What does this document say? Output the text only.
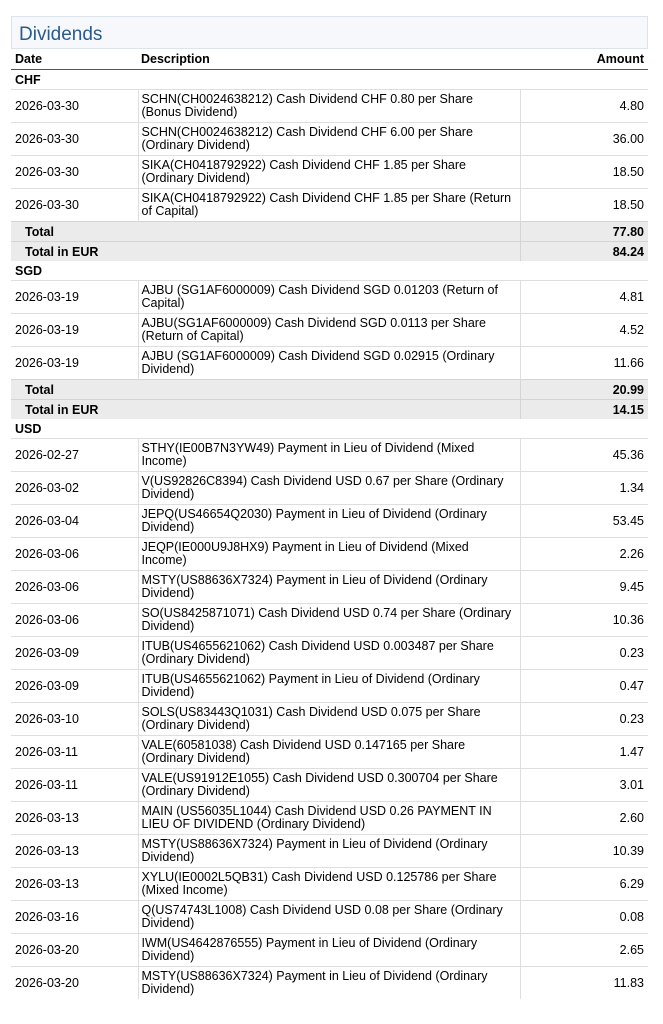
Dividends
Date	Description	Amount
CHF		
2026-03-30	SCHN(CH0024638212) Cash Dividend CHF 0.80 per Share (Bonus Dividend)	4.80
2026-03-30	SCHN(CH0024638212) Cash Dividend CHF 6.00 per Share (Ordinary Dividend)	36.00
2026-03-30	SIKA(CH0418792922) Cash Dividend CHF 1.85 per Share (Ordinary Dividend)	18.50
2026-03-30	SIKA(CH0418792922) Cash Dividend CHF 1.85 per Share (Return of Capital)	18.50
Total		77.80
Total in EUR		84.24
SGD		
2026-03-19	AJBU (SG1AF6000009) Cash Dividend SGD 0.01203 (Return of Capital)	4.81
2026-03-19	AJBU(SG1AF6000009) Cash Dividend SGD 0.0113 per Share (Return of Capital)	4.52
2026-03-19	AJBU (SG1AF6000009) Cash Dividend SGD 0.02915 (Ordinary Dividend)	11.66
Total		20.99
Total in EUR		14.15
USD		
2026-02-27	STHY(IE00B7N3YW49) Payment in Lieu of Dividend (Mixed Income)	45.36
2026-03-02	V(US92826C8394) Cash Dividend USD 0.67 per Share (Ordinary Dividend)	1.34
2026-03-04	JEPQ(US46654Q2030) Payment in Lieu of Dividend (Ordinary Dividend)	53.45
2026-03-06	JEQP(IE000U9J8HX9) Payment in Lieu of Dividend (Mixed Income)	2.26
2026-03-06	MSTY(US88636X7324) Payment in Lieu of Dividend (Ordinary Dividend)	9.45
2026-03-06	SO(US8425871071) Cash Dividend USD 0.74 per Share (Ordinary Dividend)	10.36
2026-03-09	ITUB(US4655621062) Cash Dividend USD 0.003487 per Share (Ordinary Dividend)	0.23
2026-03-09	ITUB(US4655621062) Payment in Lieu of Dividend (Ordinary Dividend)	0.47
2026-03-10	SOLS(US83443Q1031) Cash Dividend USD 0.075 per Share (Ordinary Dividend)	0.23
2026-03-11	VALE(60581038) Cash Dividend USD 0.147165 per Share (Ordinary Dividend)	1.47
2026-03-11	VALE(US91912E1055) Cash Dividend USD 0.300704 per Share (Ordinary Dividend)	3.01
2026-03-13	MAIN (US56035L1044) Cash Dividend USD 0.26 PAYMENT IN LIEU OF DIVIDEND (Ordinary Dividend)	2.60
2026-03-13	MSTY(US88636X7324) Payment in Lieu of Dividend (Ordinary Dividend)	10.39
2026-03-13	XYLU(IE0002L5QB31) Cash Dividend USD 0.125786 per Share (Mixed Income)	6.29
2026-03-16	Q(US74743L1008) Cash Dividend USD 0.08 per Share (Ordinary Dividend)	0.08
2026-03-20	IWM(US4642876555) Payment in Lieu of Dividend (Ordinary Dividend)	2.65
2026-03-20	MSTY(US88636X7324) Payment in Lieu of Dividend (Ordinary Dividend)	11.83
